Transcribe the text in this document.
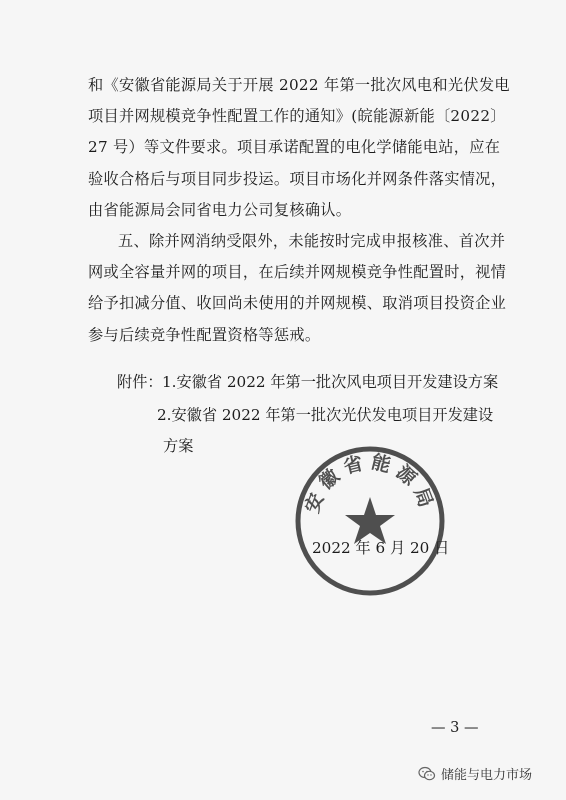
和《安徽省能源局关于开展 2022 年第一批次风电和光伏发电
项目并网规模竞争性配置工作的通知》(皖能源新能〔2022〕
27 号）等文件要求。项目承诺配置的电化学储能电站，应在
验收合格后与项目同步投运。项目市场化并网条件落实情况，
由省能源局会同省电力公司复核确认。
五、除并网消纳受限外，未能按时完成申报核准、首次并
网或全容量并网的项目，在后续并网规模竞争性配置时，视情
给予扣减分值、收回尚未使用的并网规模、取消项目投资企业
参与后续竞争性配置资格等惩戒。
附件： 1.安徽省 2022 年第一批次风电项目开发建设方案
2.安徽省 2022 年第一批次光伏发电项目开发建设
方案
2022 年 6 月 20 日
安徽省能源局
— 3 —
储能与电力市场
